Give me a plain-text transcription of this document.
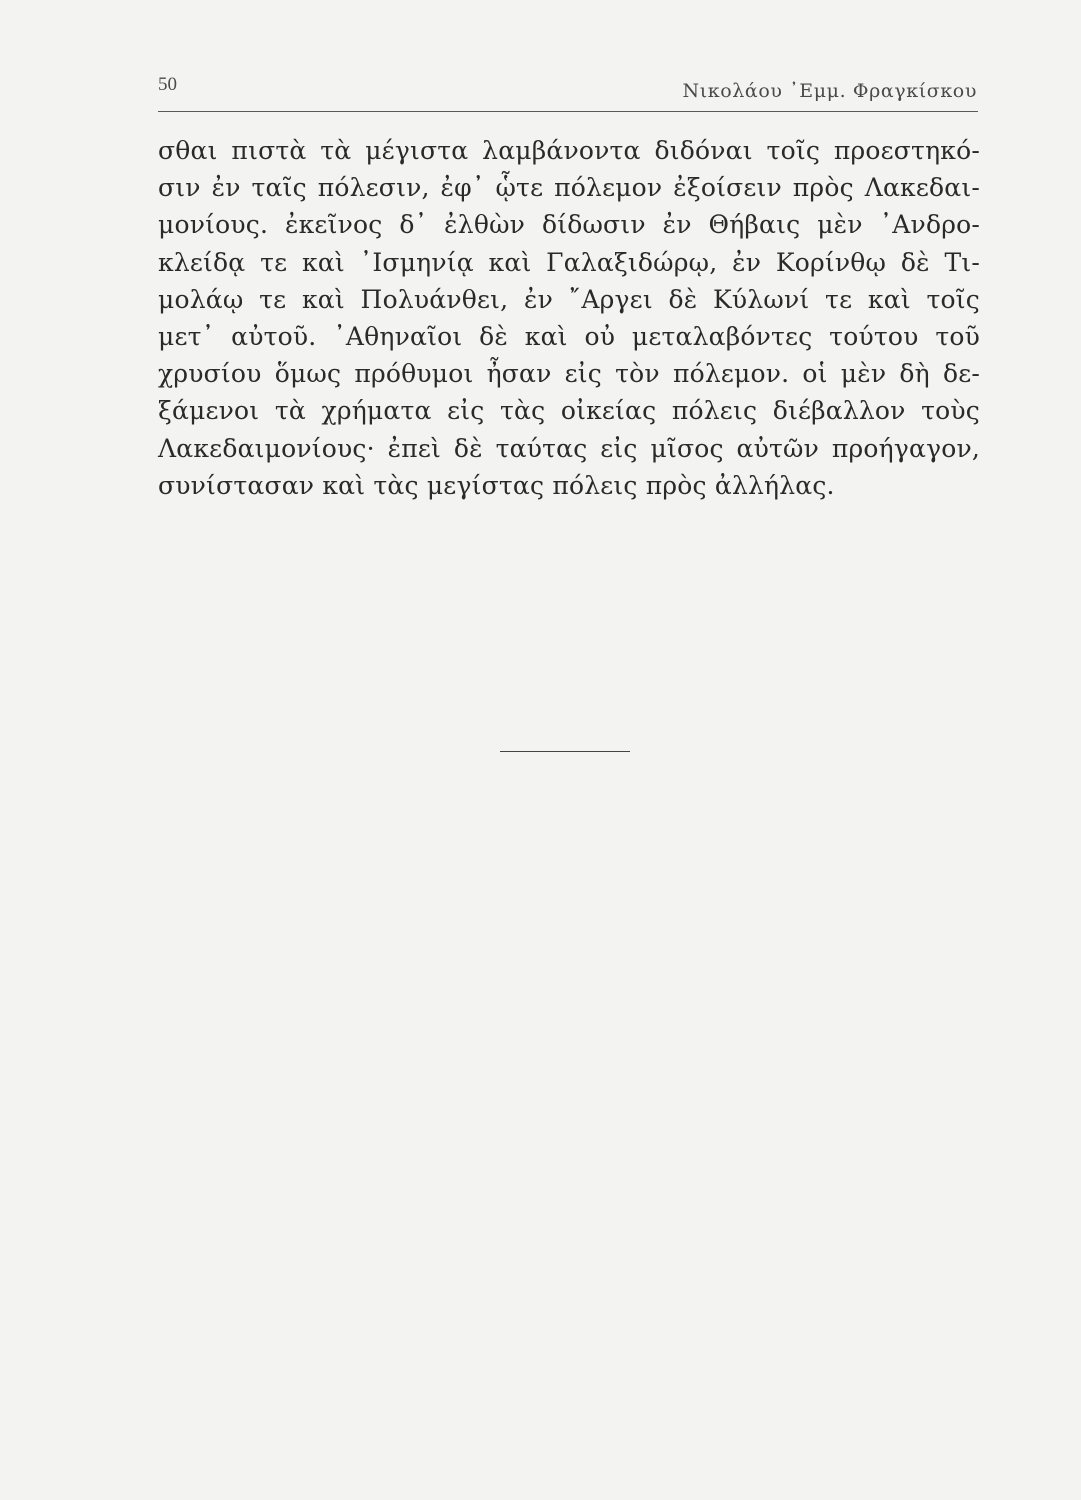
50	Νικολάου ᾿Εμμ. Φραγκίσκου
σθαι πιστὰ τὰ μέγιστα λαμβάνοντα διδόναι τοῖς προεστηκό-
σιν ἐν ταῖς πόλεσιν, ἐφ᾿ ᾧτε πόλεμον ἐξοίσειν πρὸς Λακεδαι-
μονίους. ἐκεῖνος δ᾿ ἐλθὼν δίδωσιν ἐν Θήβαις μὲν ᾿Ανδρο-
κλείδᾳ τε καὶ ᾿Ισμηνίᾳ καὶ Γαλαξιδώρῳ, ἐν Κορίνθῳ δὲ Τι-
μολάῳ τε καὶ Πολυάνθει, ἐν ῎Αργει δὲ Κύλωνί τε καὶ τοῖς
μετ᾿ αὐτοῦ. ᾿Αθηναῖοι δὲ καὶ οὐ μεταλαβόντες τούτου τοῦ
χρυσίου ὅμως πρόθυμοι ἦσαν εἰς τὸν πόλεμον. οἱ μὲν δὴ δε-
ξάμενοι τὰ χρήματα εἰς τὰς οἰκείας πόλεις διέβαλλον τοὺς
Λακεδαιμονίους· ἐπεὶ δὲ ταύτας εἰς μῖσος αὐτῶν προήγαγον,
συνίστασαν καὶ τὰς μεγίστας πόλεις πρὸς ἀλλήλας.
